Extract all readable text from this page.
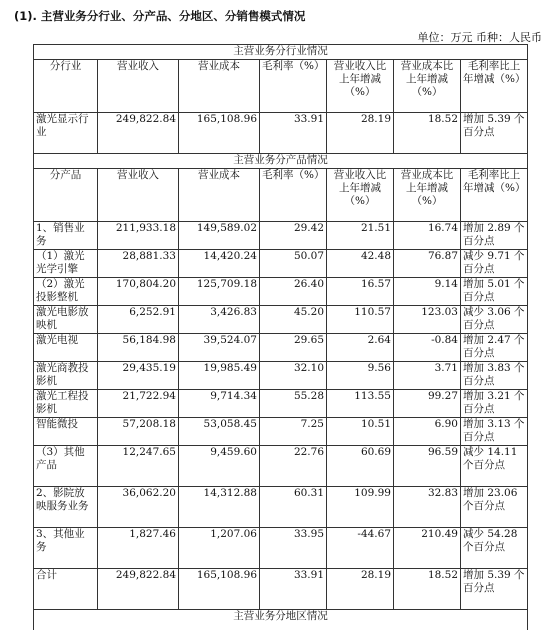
(1). 主营业务分行业、分产品、分地区、分销售模式情况
单位：万元 币种：人民币
主营业务分行业情况						
分行业	营业收入	营业成本	毛利率（%）	营业收入比上年增减（%）	营业成本比上年增减（%）	毛利率比上年增减（%）
激光显示行业	249,822.84	165,108.96	33.91	28.19	18.52	增加 5.39 个百分点
主营业务分产品情况						
分产品	营业收入	营业成本	毛利率（%）	营业收入比上年增减（%）	营业成本比上年增减（%）	毛利率比上年增减（%）
1、销售业务	211,933.18	149,589.02	29.42	21.51	16.74	增加 2.89 个百分点
（1）激光光学引擎	28,881.33	14,420.24	50.07	42.48	76.87	减少 9.71 个百分点
（2）激光投影整机	170,804.20	125,709.18	26.40	16.57	9.14	增加 5.01 个百分点
激光电影放映机	6,252.91	3,426.83	45.20	110.57	123.03	减少 3.06 个百分点
激光电视	56,184.98	39,524.07	29.65	2.64	-0.84	增加 2.47 个百分点
激光商教投影机	29,435.19	19,985.49	32.10	9.56	3.71	增加 3.83 个百分点
激光工程投影机	21,722.94	9,714.34	55.28	113.55	99.27	增加 3.21 个百分点
智能微投	57,208.18	53,058.45	7.25	10.51	6.90	增加 3.13 个百分点
（3）其他产品	12,247.65	9,459.60	22.76	60.69	96.59	减少 14.11 个百分点
2、影院放映服务业务	36,062.20	14,312.88	60.31	109.99	32.83	增加 23.06 个百分点
3、其他业务	1,827.46	1,207.06	33.95	-44.67	210.49	减少 54.28 个百分点
合计	249,822.84	165,108.96	33.91	28.19	18.52	增加 5.39 个百分点
主营业务分地区情况						
